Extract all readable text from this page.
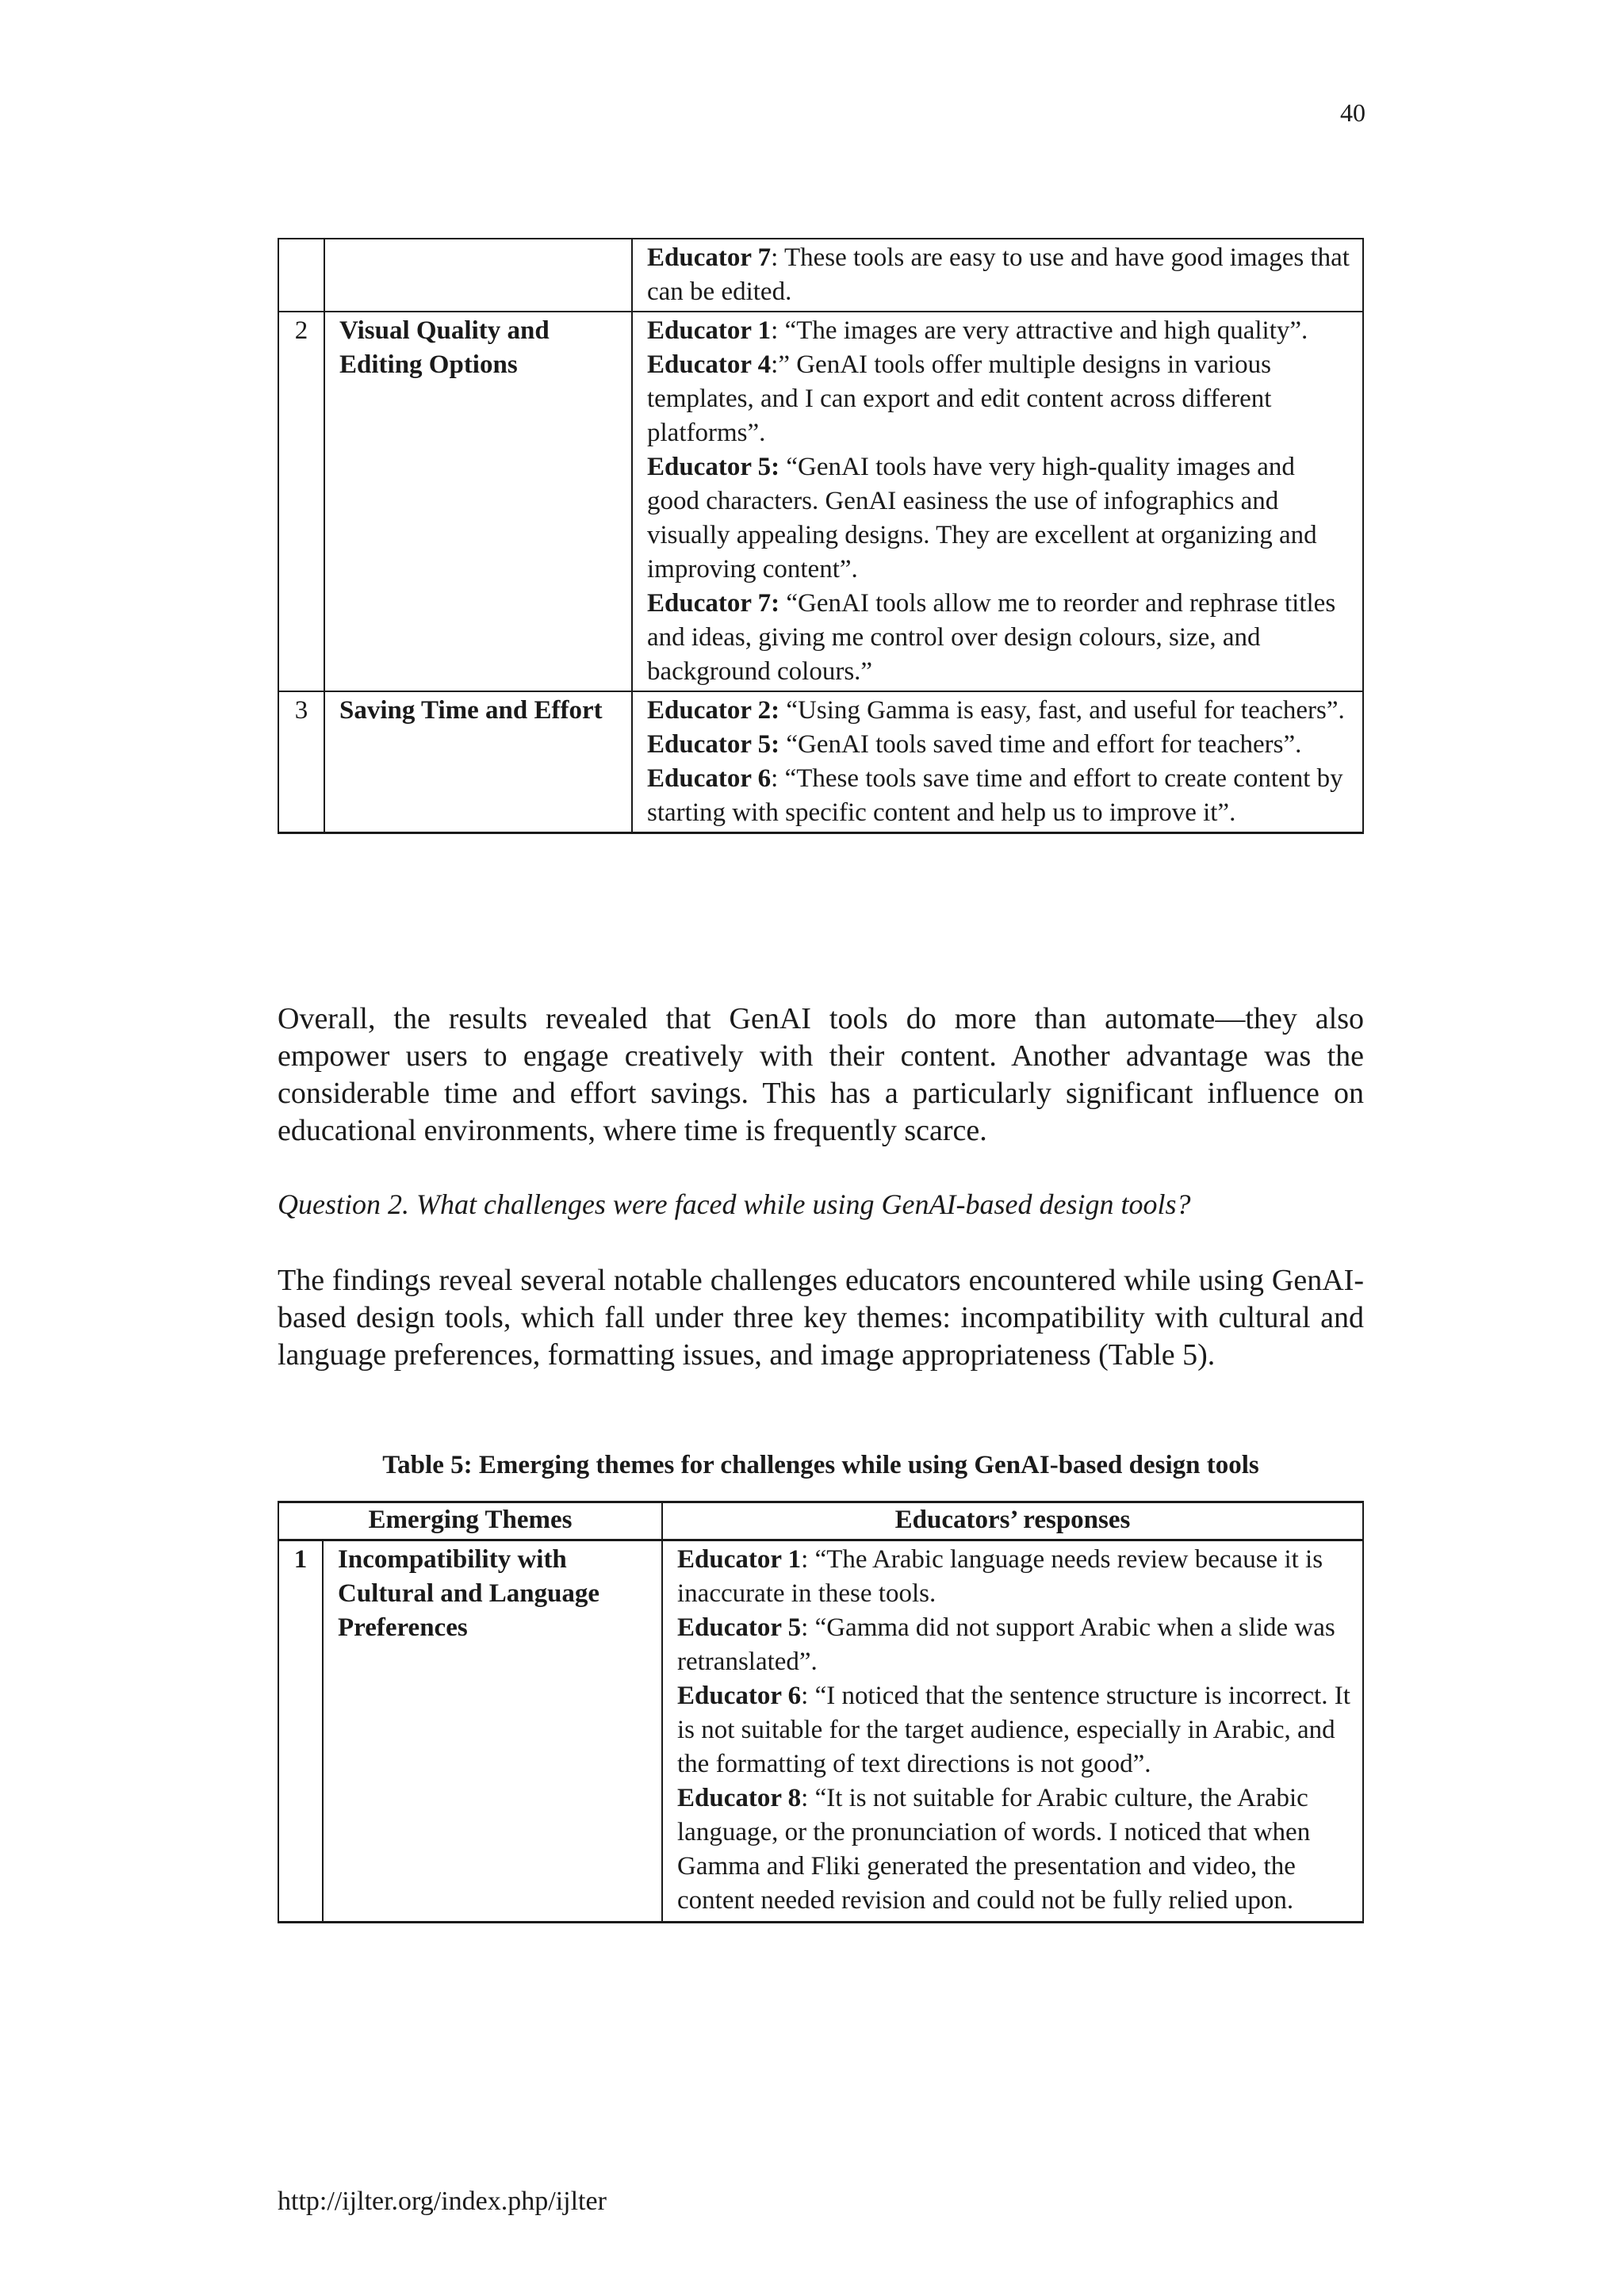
40

		Educator 7: These tools are easy to use and have good images that can be edited.

2	Visual Quality and Editing Options	Educator 1: “The images are very attractive and high quality”.

Educator 4:” GenAI tools offer multiple designs in various templates, and I can export and edit content across different platforms”.

Educator 5: “GenAI tools have very high-quality images and good characters. GenAI easiness the use of infographics and visually appealing designs. They are excellent at organizing and improving content”.

Educator 7: “GenAI tools allow me to reorder and rephrase titles and ideas, giving me control over design colours, size, and background colours.”

3	Saving Time and Effort	Educator 2: “Using Gamma is easy, fast, and useful for teachers”.

Educator 5: “GenAI tools saved time and effort for teachers”.

Educator 6: “These tools save time and effort to create content by starting with specific content and help us to improve it”.

Overall, the results revealed that GenAI tools do more than automate—they also empower users to engage creatively with their content. Another advantage was the considerable time and effort savings. This has a particularly significant influence on educational environments, where time is frequently scarce.

Question 2. What challenges were faced while using GenAI-based design tools?

The findings reveal several notable challenges educators encountered while using GenAI-based design tools, which fall under three key themes: incompatibility with cultural and language preferences, formatting issues, and image appropriateness (Table 5).

Table 5: Emerging themes for challenges while using GenAI-based design tools
Emerging Themes		Educators’ responses
1	Incompatibility with Cultural and Language Preferences	Educator 1: “The Arabic language needs review because it is inaccurate in these tools.

Educator 5: “Gamma did not support Arabic when a slide was retranslated”.

Educator 6: “I noticed that the sentence structure is incorrect. It is not suitable for the target audience, especially in Arabic, and the formatting of text directions is not good”.

Educator 8: “It is not suitable for Arabic culture, the Arabic language, or the pronunciation of words. I noticed that when Gamma and Fliki generated the presentation and video, the content needed revision and could not be fully relied upon.

http://ijlter.org/index.php/ijlter
